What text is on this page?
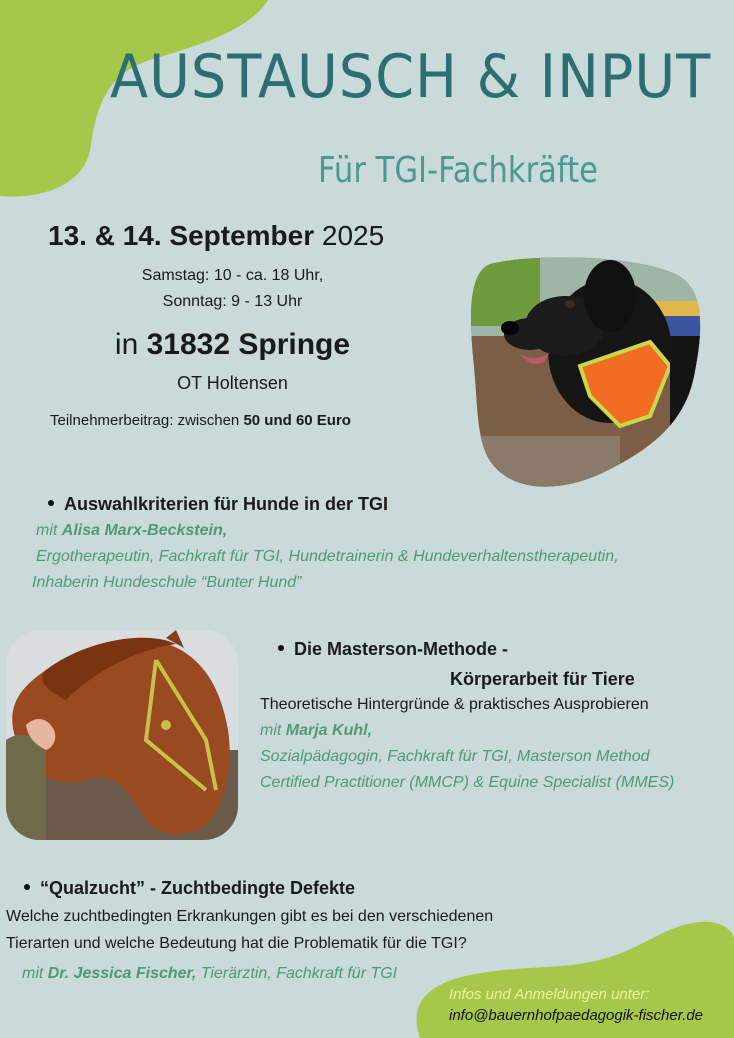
AUSTAUSCH & INPUT
Für TGI-Fachkräfte
13. & 14. September 2025
Samstag: 10 - ca. 18 Uhr,
Sonntag: 9 - 13 Uhr
in 31832 Springe
OT Holtensen
Teilnehmerbeitrag: zwischen 50 und 60 Euro
Auswahlkriterien für Hunde in der TGI
mit Alisa Marx-Beckstein,
Ergotherapeutin, Fachkraft für TGI, Hundetrainerin & Hundeverhaltenstherapeutin,
Inhaberin Hundeschule “Bunter Hund”
Die Masterson-Methode -
Körperarbeit für Tiere
Theoretische Hintergründe & praktisches Ausprobieren
mit Marja Kuhl,
Sozialpädagogin, Fachkraft für TGI, Masterson Method
Certified Practitioner (MMCP) & Equine Specialist (MMES)
“Qualzucht” - Zuchtbedingte Defekte
Welche zuchtbedingten Erkrankungen gibt es bei den verschiedenen
Tierarten und welche Bedeutung hat die Problematik für die TGI?
mit Dr. Jessica Fischer, Tierärztin, Fachkraft für TGI
Infos und Anmeldungen unter:
info@bauernhofpaedagogik-fischer.de
